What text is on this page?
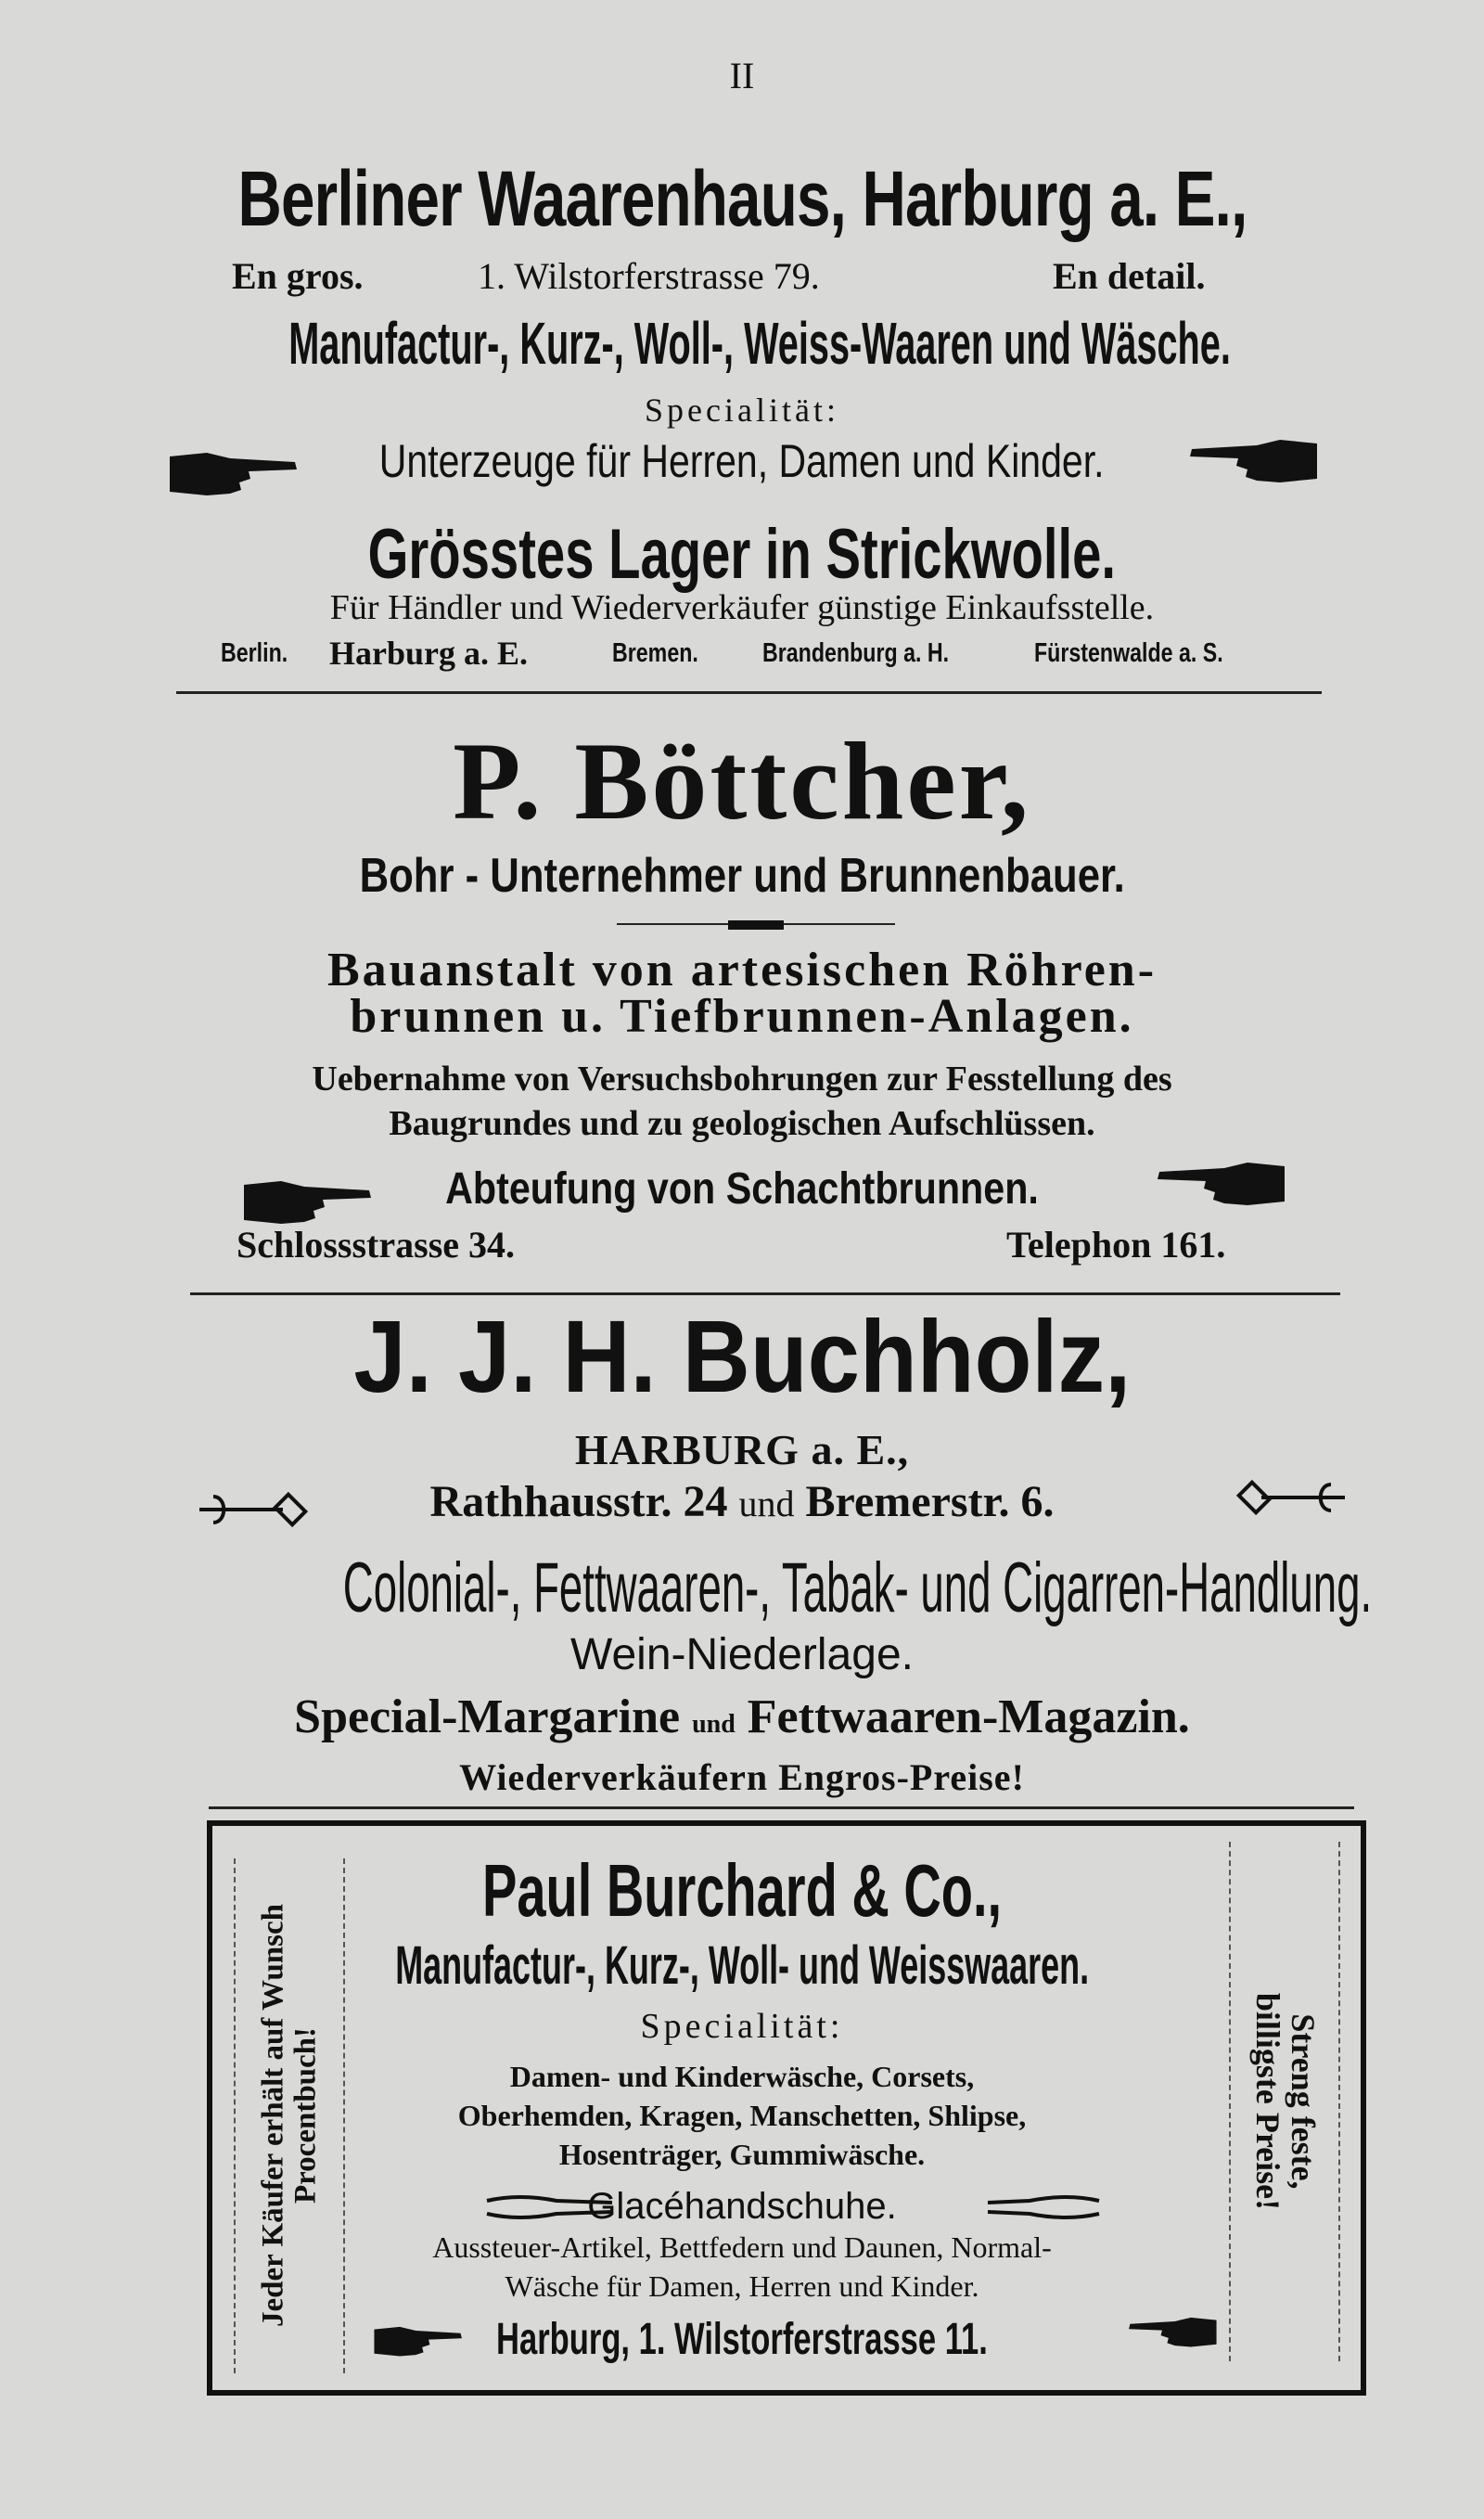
II
Berliner Waarenhaus, Harburg a. E.,
En gros.	1. Wilstorferstrasse 79.	En detail.
Manufactur-, Kurz-, Woll-, Weiss-Waaren und Wäsche.
Specialität:
Unterzeuge für Herren, Damen und Kinder.
Grösstes Lager in Strickwolle.
Für Händler und Wiederverkäufer günstige Einkaufsstelle.
Berlin. Harburg a. E.	Bremen. Brandenburg a. H.	Fürstenwalde a. S.
P. Böttcher,
Bohr - Unternehmer und Brunnenbauer.
Bauanstalt von artesischen Röhren-
brunnen u. Tiefbrunnen-Anlagen.
Uebernahme von Versuchsbohrungen zur Fesstellung des
Baugrundes und zu geologischen Aufschlüssen.
Abteufung von Schachtbrunnen.
Schlossstrasse 34.	Telephon 161.
J. J. H. Buchholz,
HARBURG a. E.,
Rathhausstr. 24 und Bremerstr. 6.
Colonial-, Fettwaaren-, Tabak- und Cigarren-Handlung.
Wein-Niederlage.
Special-Margarine und Fettwaaren-Magazin.
Wiederverkäufern Engros-Preise!
Jeder Käufer erhält auf Wunsch
Procentbuch!	Streng feste,
billigste Preise!
Paul Burchard & Co.,
Manufactur-, Kurz-, Woll- und Weisswaaren.
Specialität:
Damen- und Kinderwäsche, Corsets,
Oberhemden, Kragen, Manschetten, Shlipse,
Hosenträger, Gummiwäsche.
Glacéhandschuhe.
Aussteuer-Artikel, Bettfedern und Daunen, Normal-
Wäsche für Damen, Herren und Kinder.
Harburg, 1. Wilstorferstrasse 11.
